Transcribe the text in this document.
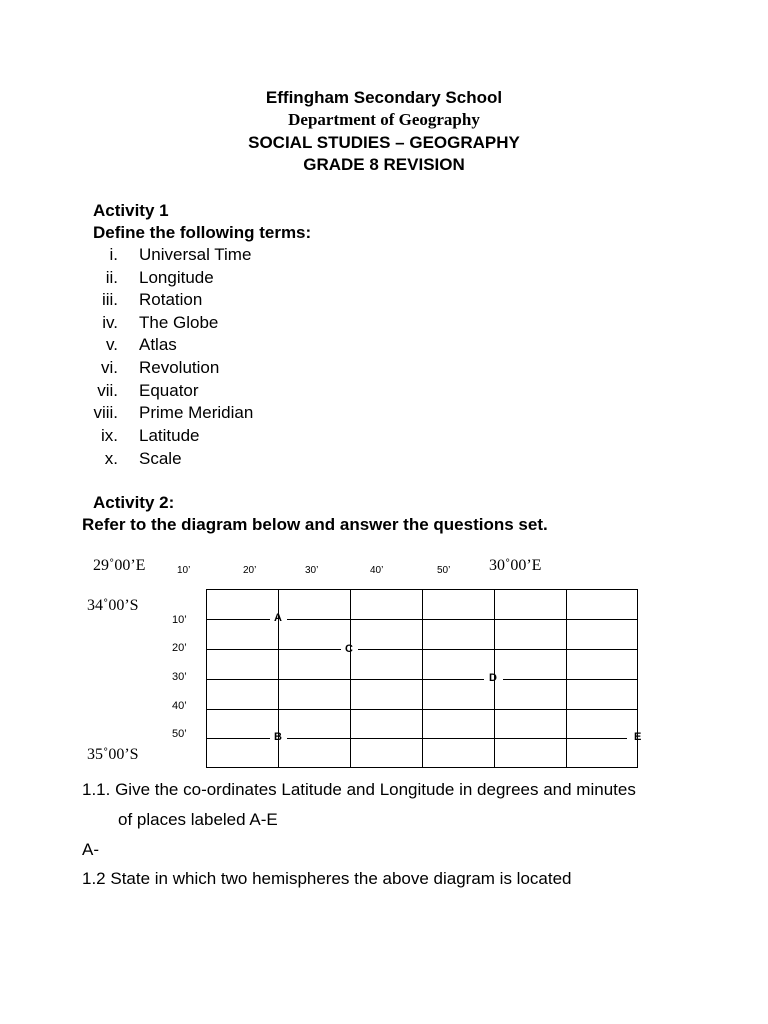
Effingham Secondary School
Department of Geography
SOCIAL STUDIES – GEOGRAPHY
GRADE 8 REVISION
Activity 1
Define the following terms:
i. Universal Time
ii. Longitude
iii. Rotation
iv. The Globe
v. Atlas
vi. Revolution
vii. Equator
viii. Prime Meridian
ix. Latitude
x. Scale
Activity 2:
Refer to the diagram below and answer the questions set.
29˚00’E	30˚00’E
34˚00’S
35˚00’S
10’	20’	30’	40’	50’
10’
20’
30’
40’
50’
A
B
C
D
E
1.1. Give the co-ordinates Latitude and Longitude in degrees and minutes
of places labeled A-E
A-
1.2 State in which two hemispheres the above diagram is located
